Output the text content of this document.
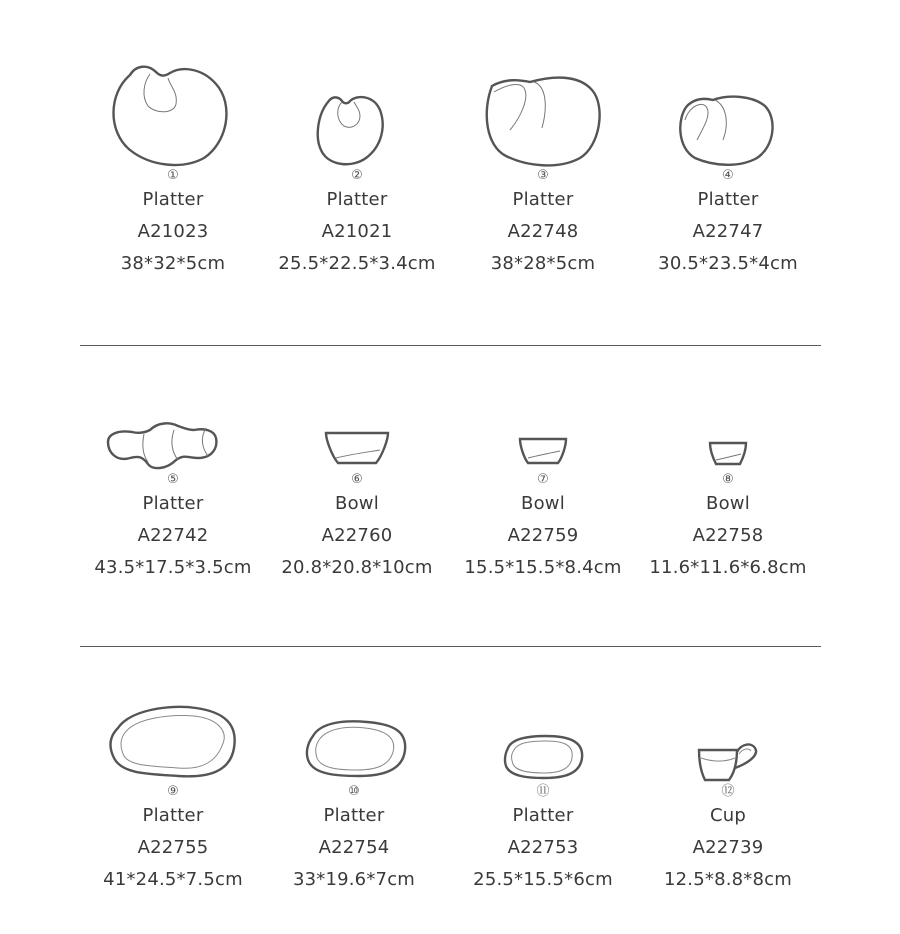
①
Platter
A21023
38*32*5cm
②
Platter
A21021
25.5*22.5*3.4cm
③
Platter
A22748
38*28*5cm
④
Platter
A22747
30.5*23.5*4cm
⑤
Platter
A22742
43.5*17.5*3.5cm
⑥
Bowl
A22760
20.8*20.8*10cm
⑦
Bowl
A22759
15.5*15.5*8.4cm
⑧
Bowl
A22758
11.6*11.6*6.8cm
⑨
Platter
A22755
41*24.5*7.5cm
⑩
Platter
A22754
33*19.6*7cm
⑪
Platter
A22753
25.5*15.5*6cm
⑫
Cup
A22739
12.5*8.8*8cm
